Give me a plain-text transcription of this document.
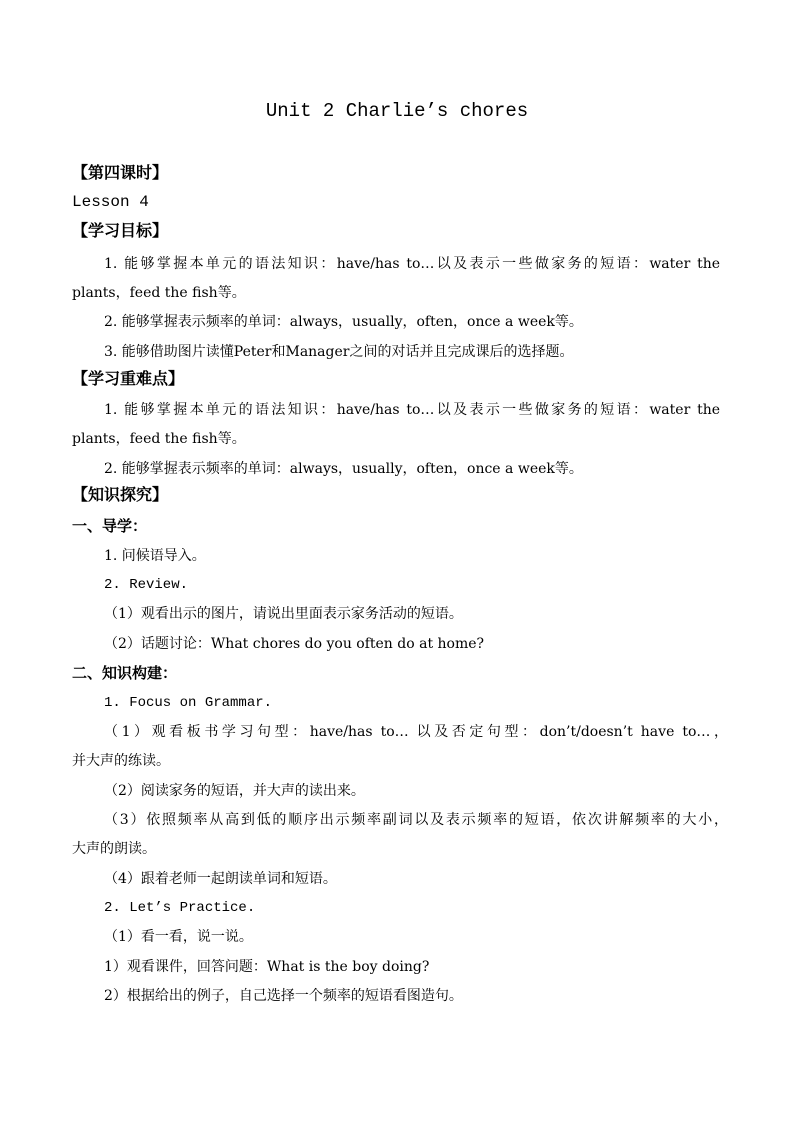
Unit 2 Charlie’s chores
【第四课时】
Lesson 4
【学习目标】
1. 能够掌握本单元的语法知识：have/has to…以及表示一些做家务的短语：water the
plants，feed the fish等。
2. 能够掌握表示频率的单词：always，usually，often，once a week等。
3. 能够借助图片读懂Peter和Manager之间的对话并且完成课后的选择题。
【学习重难点】
1. 能够掌握本单元的语法知识：have/has to…以及表示一些做家务的短语：water the
plants，feed the fish等。
2. 能够掌握表示频率的单词：always，usually，often，once a week等。
【知识探究】
一、导学：
1. 问候语导入。
2. Review.
（1）观看出示的图片，请说出里面表示家务活动的短语。
（2）话题讨论：What chores do you often do at home?
二、知识构建：
1. Focus on Grammar.
（1）观看板书学习句型：have/has to… 以及否定句型：don’t/doesn’t have to…，
并大声的练读。
（2）阅读家务的短语，并大声的读出来。
（3）依照频率从高到低的顺序出示频率副词以及表示频率的短语，依次讲解频率的大小，
大声的朗读。
（4）跟着老师一起朗读单词和短语。
2. Let’s Practice.
（1）看一看，说一说。
1）观看课件，回答问题：What is the boy doing?
2）根据给出的例子，自己选择一个频率的短语看图造句。
